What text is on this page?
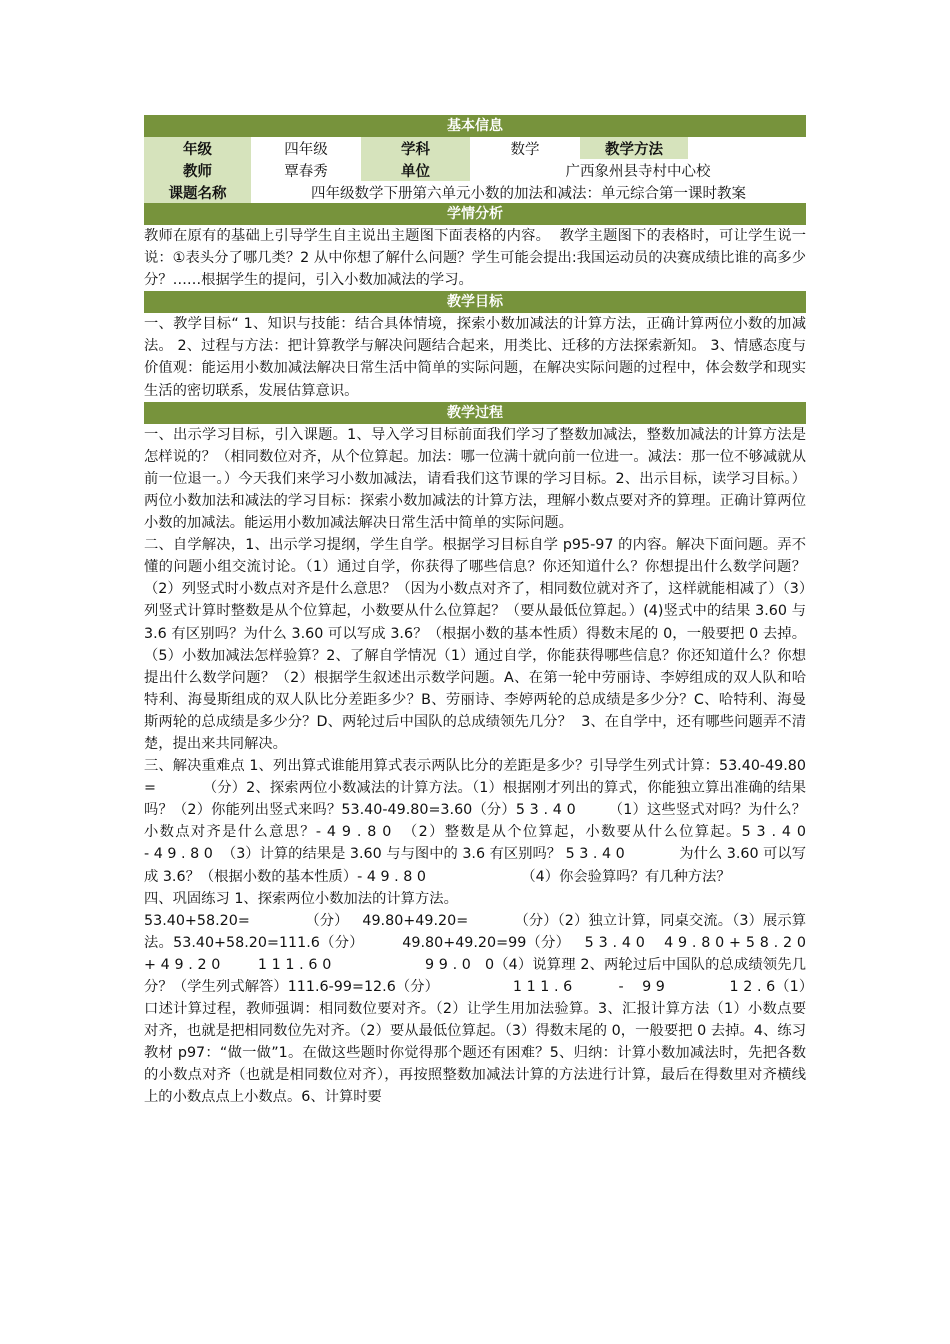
基本信息
年级	四年级	学科	数学	教学方法	
教师	覃春秀	单位	广西象州县寺村中心校		
课题名称	四年级数学下册第六单元小数的加法和减法：单元综合第一课时教案				
学情分析
教师在原有的基础上引导学生自主说出主题图下面表格的内容。  教学主题图下的表格时，可让学生说一说：①表头分了哪几类？2 从中你想了解什么问题？学生可能会提出:我国运动员的决赛成绩比谁的高多少分？……根据学生的提问，引入小数加减法的学习。
教学目标
一、教学目标“ 1、知识与技能：结合具体情境，探索小数加减法的计算方法，正确计算两位小数的加减法。 2、过程与方法：把计算教学与解决问题结合起来，用类比、迁移的方法探索新知。 3、情感态度与价值观：能运用小数加减法解决日常生活中简单的实际问题，在解决实际问题的过程中，体会数学和现实生活的密切联系，发展估算意识。
教学过程
一、出示学习目标，引入课题。1、导入学习目标前面我们学习了整数加减法，整数加减法的计算方法是怎样说的？（相同数位对齐，从个位算起。加法：哪一位满十就向前一位进一。减法：那一位不够减就从前一位退一。）今天我们来学习小数加减法，请看我们这节课的学习目标。2、出示目标，读学习目标。）两位小数加法和减法的学习目标：探索小数加减法的计算方法，理解小数点要对齐的算理。正确计算两位小数的加减法。能运用小数加减法解决日常生活中简单的实际问题。
二、自学解决，1、出示学习提纲，学生自学。根据学习目标自学 p95-97 的内容。解决下面问题。弄不懂的问题小组交流讨论。（1）通过自学，你获得了哪些信息？你还知道什么？你想提出什么数学问题？（2）列竖式时小数点对齐是什么意思？（因为小数点对齐了，相同数位就对齐了，这样就能相减了）（3）列竖式计算时整数是从个位算起，小数要从什么位算起？（要从最低位算起。）(4)竖式中的结果 3.60 与 3.6 有区别吗？为什么 3.60 可以写成 3.6？（根据小数的基本性质）得数末尾的 0，一般要把 0 去掉。（5）小数加减法怎样验算？2、了解自学情况（1）通过自学，你能获得哪些信息？你还知道什么？你想提出什么数学问题？（2）根据学生叙述出示数学问题。A、在第一轮中劳丽诗、李婷组成的双人队和哈特利、海曼斯组成的双人队比分差距多少？B、劳丽诗、李婷两轮的总成绩是多少分？C、哈特利、海曼斯两轮的总成绩是多少分？D、两轮过后中国队的总成绩领先几分？  3、在自学中，还有哪些问题弄不清楚，提出来共同解决。
三、解决重难点 1、列出算式谁能用算式表示两队比分的差距是多少？引导学生列式计算：53.40-49.80=          （分）2、探索两位小数减法的计算方法。（1）根据刚才列出的算式，你能独立算出准确的结果吗？（2）你能列出竖式来吗？53.40-49.80=3.60（分）5 3 . 4 0       （1）这些竖式对吗？为什么？小数点对齐是什么意思？- 4 9 . 8 0  （2）整数是从个位算起，小数要从什么位算起。5 3 . 4 0             - 4 9 . 8 0  （3）计算的结果是 3.60 与与图中的 3.6 有区别吗？ 5 3 . 4 0            为什么 3.60 可以写成 3.6？（根据小数的基本性质）- 4 9 . 8 0                     （4）你会验算吗？有几种方法？
四、巩固练习 1、探索两位小数加法的计算方法。
53.40+58.20=            （分）   49.80+49.20=          （分）（2）独立计算，同桌交流。（3）展示算法。53.40+58.20=111.6（分）        49.80+49.20=99（分）   5 3 . 4 0    4 9 . 8 0 + 5 8 . 2 0                 + 4 9 . 2 0        1 1 1 . 6 0                    9 9 . 0   0（4）说算理 2、两轮过后中国队的总成绩领先几分？（学生列式解答）111.6-99=12.6（分）                1 1 1 . 6          -    9 9              1 2 . 6（1）口述计算过程，教师强调：相同数位要对齐。（2）让学生用加法验算。3、汇报计算方法（1）小数点要对齐，也就是把相同数位先对齐。（2）要从最低位算起。（3）得数末尾的 0，一般要把 0 去掉。4、练习教材 p97：“做一做”1。在做这些题时你觉得那个题还有困难？5、归纳：计算小数加减法时，先把各数的小数点对齐（也就是相同数位对齐），再按照整数加减法计算的方法进行计算，最后在得数里对齐横线上的小数点点上小数点。6、计算时要
